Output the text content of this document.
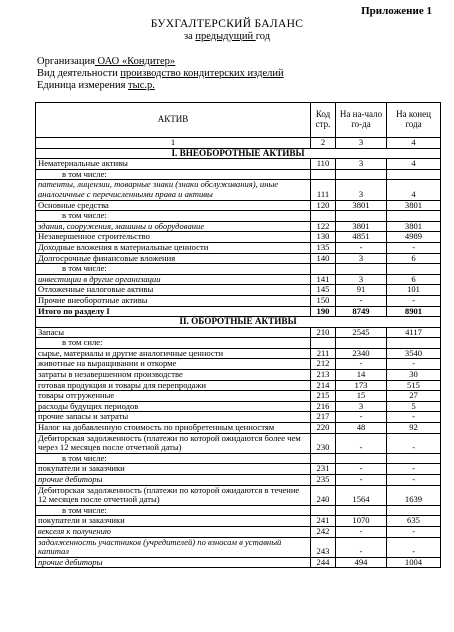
Приложение 1
БУХГАЛТЕРСКИЙ БАЛАНС
за предыдущий год
Организация ОАО «Кондитер»
Вид деятельности производство кондитерских изделий
Единица измерения тыс.р.
АКТИВ	Код стр.	На на-чало го-да	На конец года
1	2	3	4
I. ВНЕОБОРОТНЫЕ АКТИВЫ			
Нематериальные активы	110	3	4
в том числе:			
патенты, лицензии, товарные знаки (знаки обслуживания), иные аналогичные с перечисленными права и активы	111	3	4
Основные средства	120	3801	3801
в том числе:			
здания, сооружения, машины и оборудование	122	3801	3801
Незавершенное строительство	130	4851	4989
Доходные вложения в материальные ценности	135	-	-
Долгосрочные финансовые вложения	140	3	6
в том числе:			
инвестиции в другие организации	141	3	6
Отложенные налоговые активы	145	91	101
Прочие внеоборотные активы	150	-	-
Итого по разделу I	190	8749	8901
II. ОБОРОТНЫЕ АКТИВЫ			
Запасы	210	2545	4117
в том силе:			
сырье, материалы и другие аналогичные ценности	211	2340	3540
животные на выращивании и откорме	212	-	-
затраты в незавершенном производстве	213	14	30
готовая продукция и товары для перепродажи	214	173	515
товары отгруженные	215	15	27
расходы будущих периодов	216	3	5
прочие запасы и затраты	217	-	-
Налог на добавленную стоимость по приобретенным ценностям	220	48	92
Дебиторская задолженность (платежи по которой ожидаются более чем через 12 месяцев после отчетной даты)	230	-	-
в том числе:			
покупатели и заказчики	231	-	-
прочие дебиторы	235	-	-
Дебиторская задолженность (платежи по которой ожидаются в течение 12 месяцев после отчетной даты)	240	1564	1639
в том числе:			
покупатели и заказчики	241	1070	635
векселя к получению	242	-	-
задолженность участников (учредителей) по взносам в уставный капитал	243	-	-
прочие дебиторы	244	494	1004
